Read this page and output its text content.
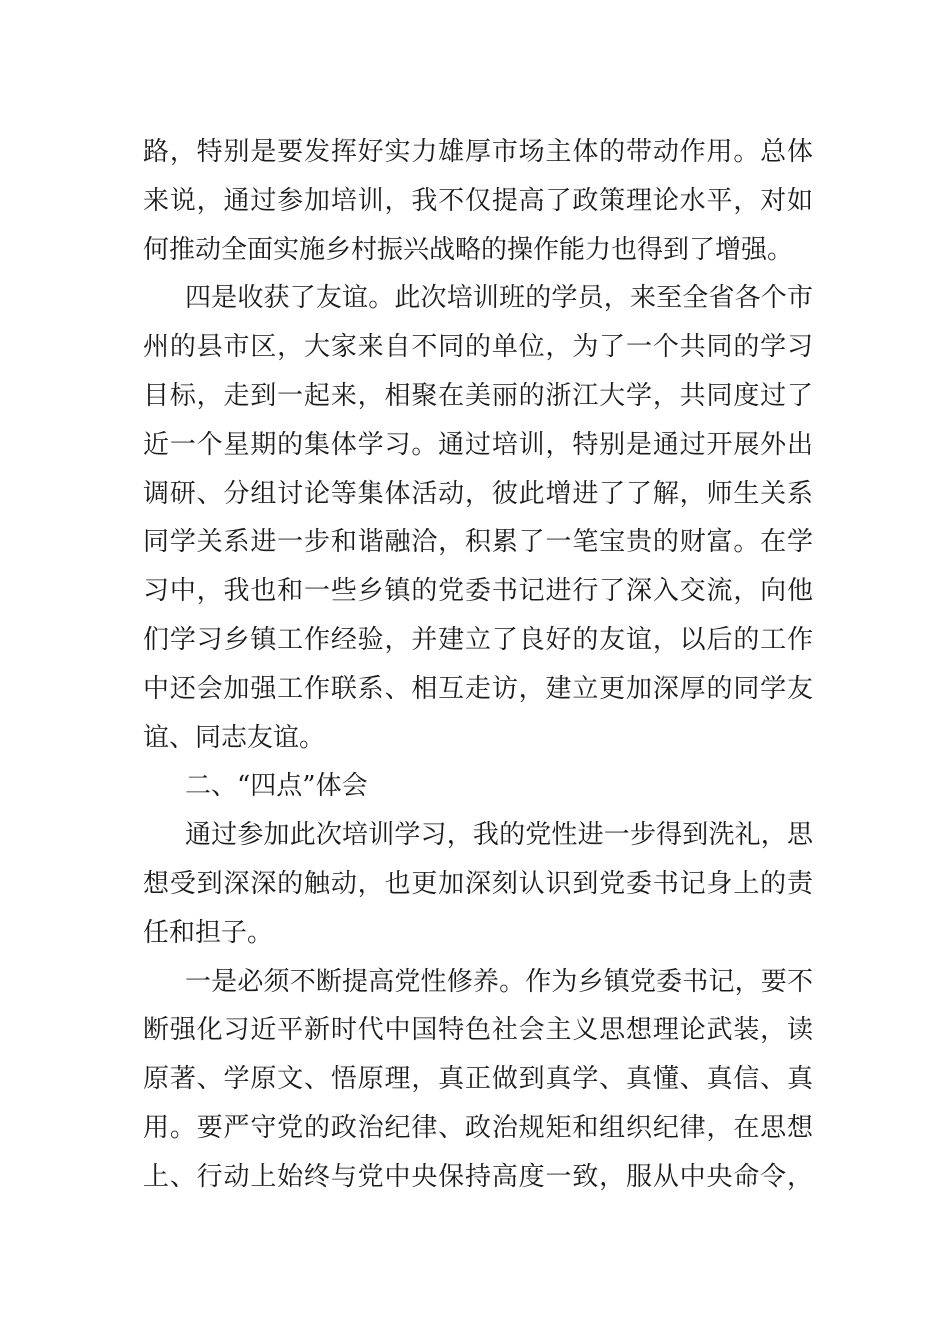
路，特别是要发挥好实力雄厚市场主体的带动作用。总体
来说，通过参加培训，我不仅提高了政策理论水平，对如
何推动全面实施乡村振兴战略的操作能力也得到了增强。
四是收获了友谊。此次培训班的学员，来至全省各个市
州的县市区，大家来自不同的单位，为了一个共同的学习
目标，走到一起来，相聚在美丽的浙江大学，共同度过了
近一个星期的集体学习。通过培训，特别是通过开展外出
调研、分组讨论等集体活动，彼此增进了了解，师生关系
同学关系进一步和谐融洽，积累了一笔宝贵的财富。在学
习中，我也和一些乡镇的党委书记进行了深入交流，向他
们学习乡镇工作经验，并建立了良好的友谊，以后的工作
中还会加强工作联系、相互走访，建立更加深厚的同学友
谊、同志友谊。
二、“四点”体会
通过参加此次培训学习，我的党性进一步得到洗礼，思
想受到深深的触动，也更加深刻认识到党委书记身上的责
任和担子。
一是必须不断提高党性修养。作为乡镇党委书记，要不
断强化习近平新时代中国特色社会主义思想理论武装，读
原著、学原文、悟原理，真正做到真学、真懂、真信、真
用。要严守党的政治纪律、政治规矩和组织纪律，在思想
上、行动上始终与党中央保持高度一致，服从中央命令，
